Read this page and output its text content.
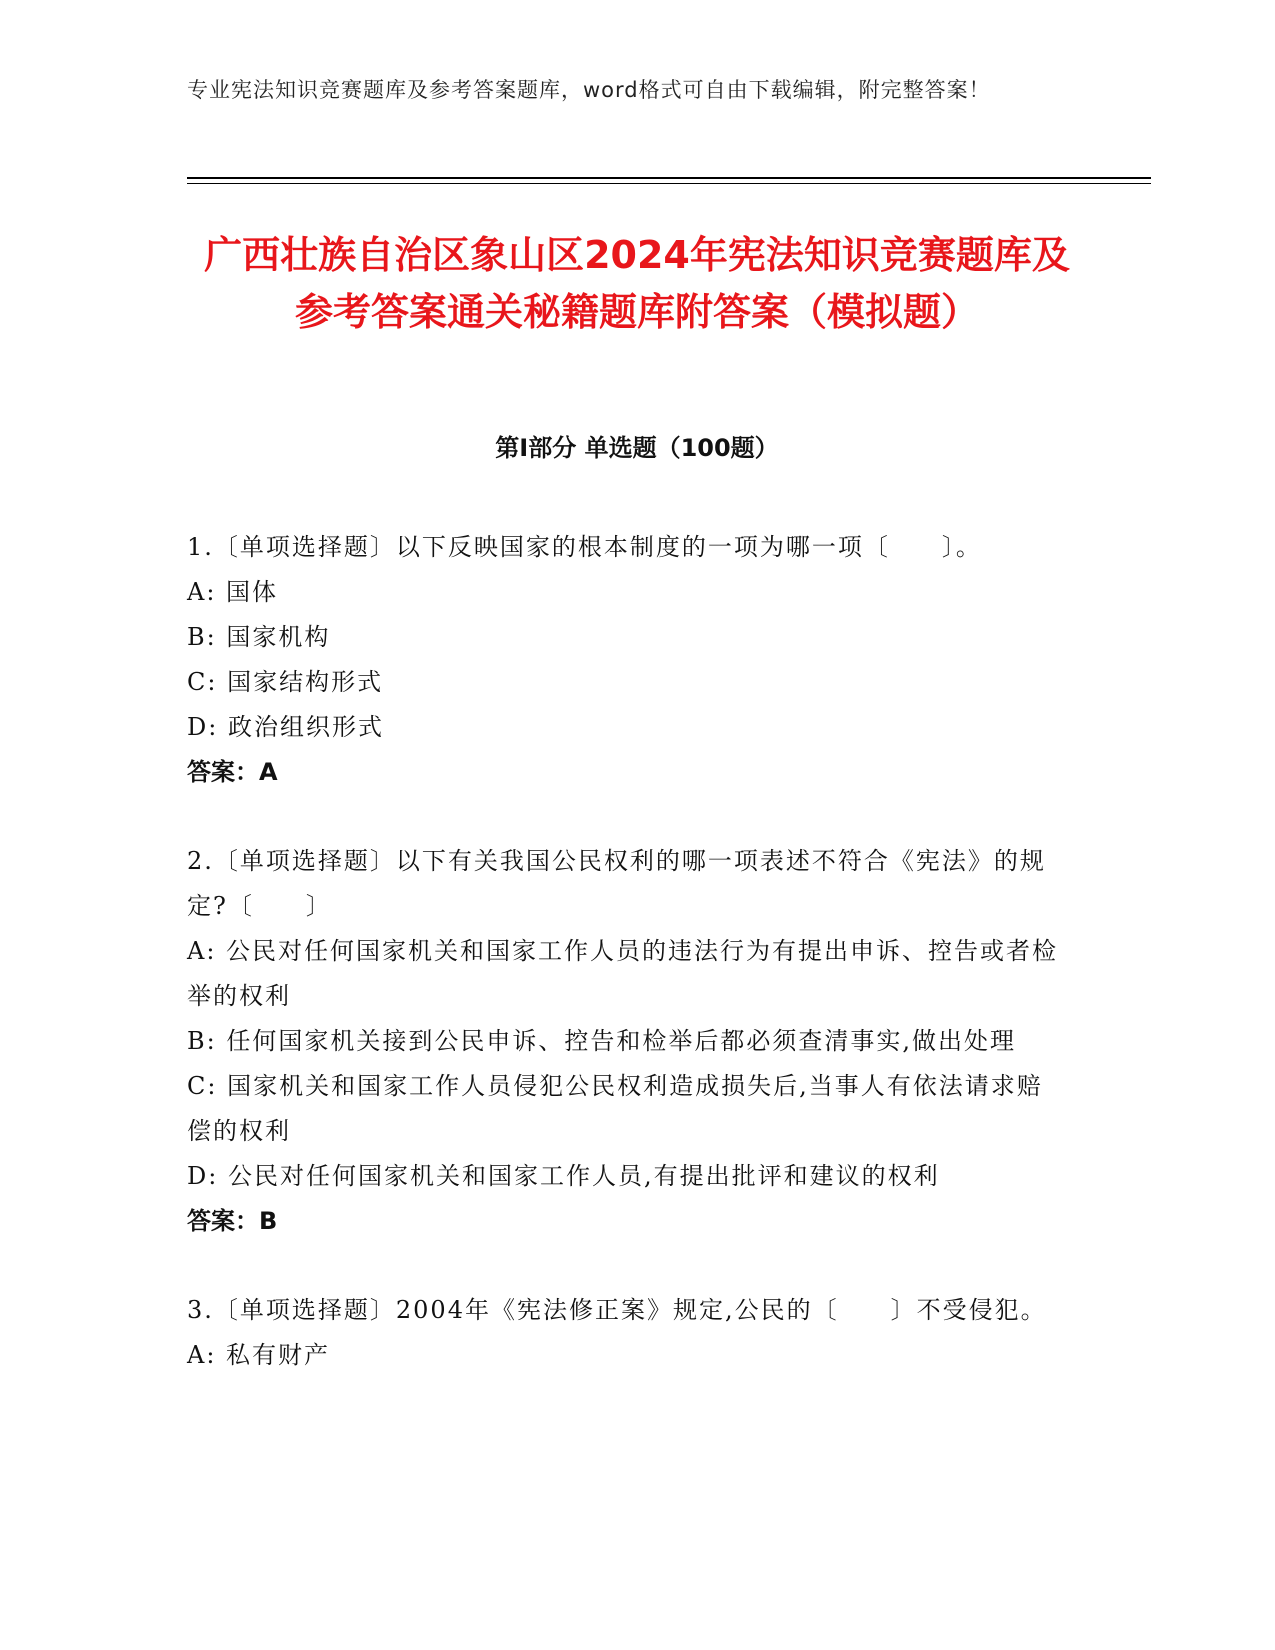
专业宪法知识竞赛题库及参考答案题库，word格式可自由下载编辑，附完整答案！
广西壮族自治区象山区2024年宪法知识竞赛题库及参考答案通关秘籍题库附答案（模拟题）
第I部分 单选题（100题）
1.〔单项选择题〕以下反映国家的根本制度的一项为哪一项〔　　〕。
A: 国体
B: 国家机构
C: 国家结构形式
D: 政治组织形式
答案：A
2.〔单项选择题〕以下有关我国公民权利的哪一项表述不符合《宪法》的规定?〔　　〕
A: 公民对任何国家机关和国家工作人员的违法行为有提出申诉、控告或者检举的权利
B: 任何国家机关接到公民申诉、控告和检举后都必须查清事实,做出处理
C: 国家机关和国家工作人员侵犯公民权利造成损失后,当事人有依法请求赔偿的权利
D: 公民对任何国家机关和国家工作人员,有提出批评和建议的权利
答案：B
3.〔单项选择题〕2004年《宪法修正案》规定,公民的〔　　〕不受侵犯。
A: 私有财产
